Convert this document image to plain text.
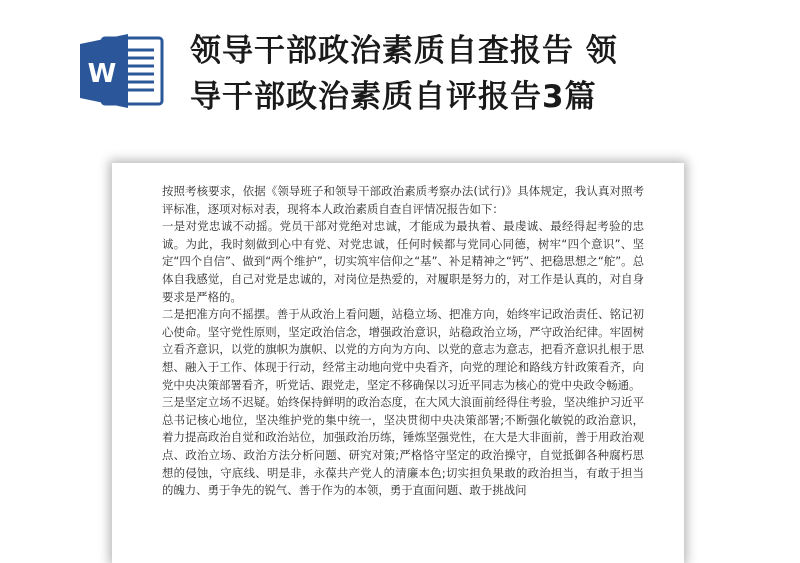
W
领导干部政治素质自查报告 领
导干部政治素质自评报告3篇

按照考核要求，依据《领导班子和领导干部政治素质考察办法(试行)》具体规定，我认真对照考评标准，逐项对标对表，现将本人政治素质自查自评情况报告如下：

一是对党忠诚不动摇。党员干部对党绝对忠诚，才能成为最执着、最虔诚、最经得起考验的忠诚。为此，我时刻做到心中有党、对党忠诚，任何时候都与党同心同德，树牢“四个意识”、坚定“四个自信”、做到“两个维护”，切实筑牢信仰之“基”、补足精神之“钙”、把稳思想之“舵”。总体自我感觉，自己对党是忠诚的，对岗位是热爱的，对履职是努力的，对工作是认真的，对自身要求是严格的。

二是把准方向不摇摆。善于从政治上看问题，站稳立场、把准方向，始终牢记政治责任、铭记初心使命。坚守党性原则，坚定政治信念，增强政治意识，站稳政治立场，严守政治纪律。牢固树立看齐意识，以党的旗帜为旗帜、以党的方向为方向、以党的意志为意志，把看齐意识扎根于思想、融入于工作、体现于行动，经常主动地向党中央看齐，向党的理论和路线方针政策看齐，向党中央决策部署看齐，听党话、跟党走，坚定不移确保以习近平同志为核心的党中央政令畅通。

三是坚定立场不迟疑。始终保持鲜明的政治态度，在大风大浪面前经得住考验，坚决维护习近平总书记核心地位，坚决维护党的集中统一，坚决贯彻中央决策部署;不断强化敏锐的政治意识，着力提高政治自觉和政治站位，加强政治历练，锤炼坚强党性，在大是大非面前，善于用政治观点、政治立场、政治方法分析问题、研究对策;严格恪守坚定的政治操守，自觉抵御各种腐朽思想的侵蚀，守底线、明是非，永葆共产党人的清廉本色;切实担负果敢的政治担当，有敢于担当的魄力、勇于争先的锐气、善于作为的本领，勇于直面问题、敢于挑战问
